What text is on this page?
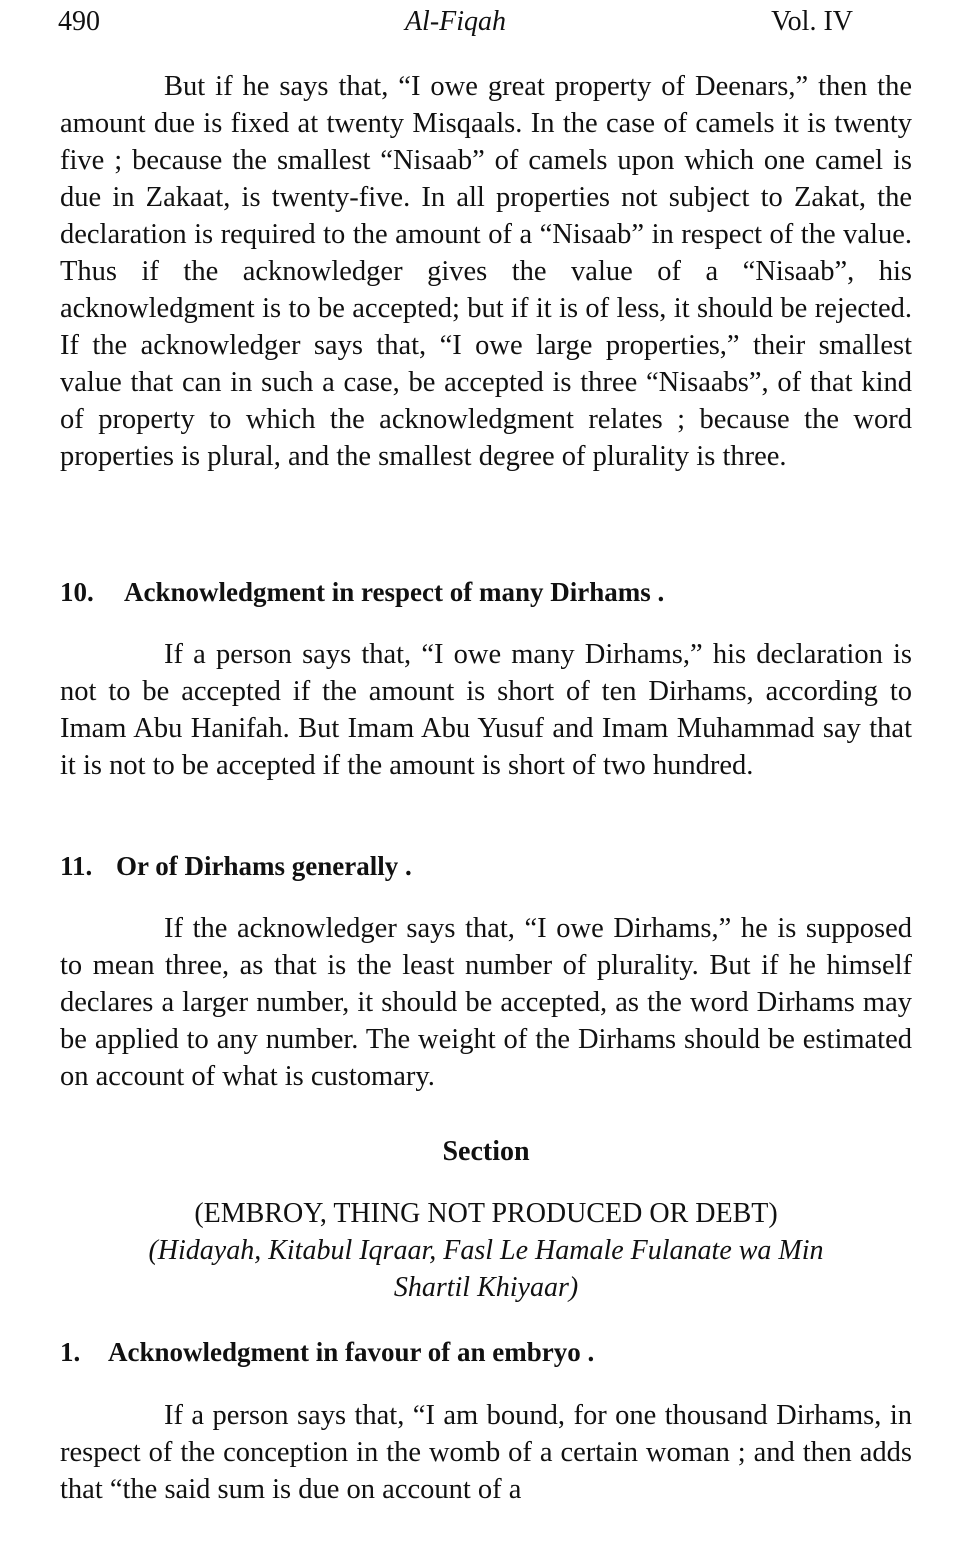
490	Al-Fiqah	Vol. IV

But if he says that, “I owe great property of Deenars,” then the amount due is fixed at twenty Misqaals. In the case of camels it is twenty five ; because the smallest “Nisaab” of camels upon which one camel is due in Zakaat, is twenty-five. In all properties not subject to Zakat, the declaration is required to the amount of a “Nisaab” in respect of the value. Thus if the acknowledger gives the value of a “Nisaab”, his acknowledgment is to be accepted; but if it is of less, it should be rejected. If the acknowledger says that, “I owe large properties,” their smallest value that can in such a case, be accepted is three “Nisaabs”, of that kind of property to which the acknowledgment relates ; because the word properties is plural, and the smallest degree of plurality is three.

10. Acknowledgment in respect of many Dirhams .

If a person says that, “I owe many Dirhams,” his declaration is not to be accepted if the amount is short of ten Dirhams, according to Imam Abu Hanifah. But Imam Abu Yusuf and Imam Muhammad say that it is not to be accepted if the amount is short of two hundred.

11. Or of Dirhams generally .

If the acknowledger says that, “I owe Dirhams,” he is supposed to mean three, as that is the least number of plurality. But if he himself declares a larger number, it should be accepted, as the word Dirhams may be applied to any number. The weight of the Dirhams should be estimated on account of what is customary.

Section

(EMBROY, THING NOT PRODUCED OR DEBT)

(Hidayah, Kitabul Iqraar, Fasl Le Hamale Fulanate wa Min

Shartil Khiyaar)

1. Acknowledgment in favour of an embryo .

If a person says that, “I am bound, for one thousand Dirhams, in respect of the conception in the womb of a certain woman ; and then adds that “the said sum is due on account of a
